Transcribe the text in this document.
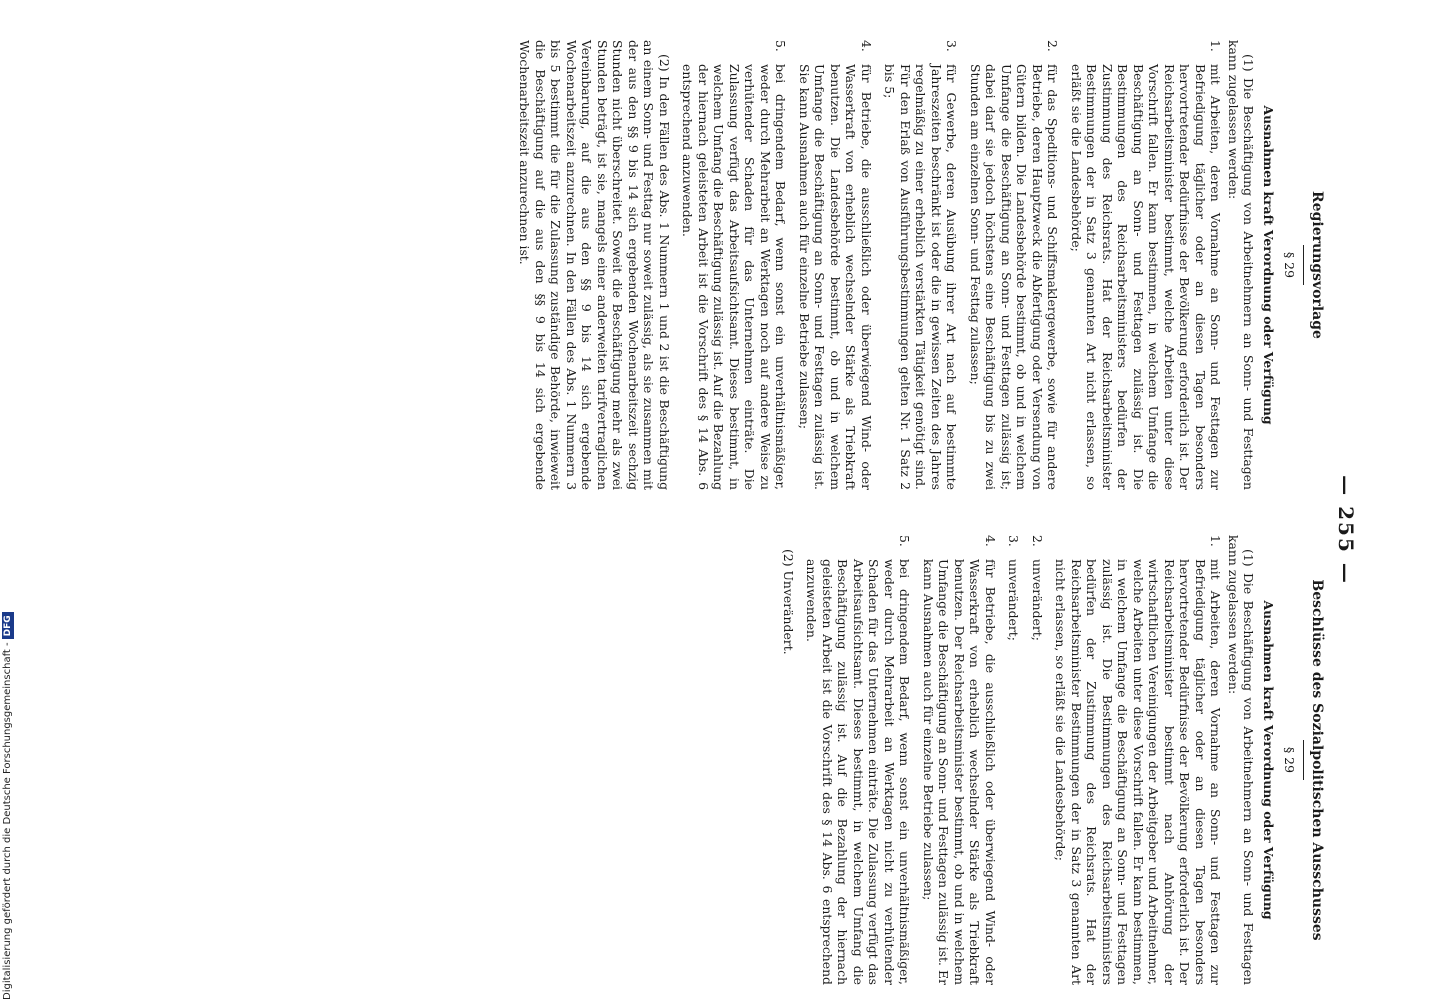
— 255 —
Regierungsvorlage
§ 29
Ausnahmen kraft Verordnung oder Verfügung

(1) Die Beschäftigung von Arbeitnehmern an Sonn- und Festtagen kann zugelassen werden:

1.
mit Arbeiten, deren Vornahme an Sonn- und Festtagen zur Befriedigung täglicher oder an diesen Tagen besonders hervortretender Bedürfnisse der Bevölkerung erforderlich ist. Der Reichsarbeitsminister bestimmt, welche Arbeiten unter diese Vorschrift fallen. Er kann bestimmen, in welchem Umfange die Beschäftigung an Sonn- und Festtagen zulässig ist. Die Bestimmungen des Reichsarbeitsministers bedürfen der Zustimmung des Reichsrats. Hat der Reichsarbeitsminister Bestimmungen der in Satz 3 genannten Art nicht erlassen, so erläßt sie die Landesbehörde;
2.
für das Speditions- und Schiffsmaklergewerbe, sowie für andere Betriebe, deren Hauptzweck die Abfertigung oder Versendung von Gütern bilden. Die Landesbehörde bestimmt, ob und in welchem Umfange die Beschäftigung an Sonn- und Festtagen zulässig ist; dabei darf sie jedoch höchstens eine Beschäftigung bis zu zwei Stunden am einzelnen Sonn- und Festtag zulassen;
3.
für Gewerbe, deren Ausübung ihrer Art nach auf bestimmte Jahreszeiten beschränkt ist oder die in gewissen Zeiten des Jahres regelmäßig zu einer erheblich verstärkten Tätigkeit genötigt sind. Für den Erlaß von Ausführungsbestimmungen gelten Nr. 1 Satz 2 bis 5;
4.
für Betriebe, die ausschließlich oder überwiegend Wind- oder Wasserkraft von erheblich wechselnder Stärke als Triebkraft benutzen. Die Landesbehörde bestimmt, ob und in welchem Umfange die Beschäftigung an Sonn- und Festtagen zulässig ist. Sie kann Ausnahmen auch für einzelne Betriebe zulassen;
5.
bei dringendem Bedarf, wenn sonst ein unverhältnismäßiger, weder durch Mehrarbeit an Werktagen noch auf andere Weise zu verhütender Schaden für das Unternehmen einträte. Die Zulassung verfügt das Arbeitsaufsichtsamt. Dieses bestimmt, in welchem Umfang die Beschäftigung zulässig ist. Auf die Bezahlung der hiernach geleisteten Arbeit ist die Vorschrift des § 14 Abs. 6 entsprechend anzuwenden.

(2) In den Fällen des Abs. 1 Nummern 1 und 2 ist die Beschäftigung an einem Sonn- und Festtag nur soweit zulässig, als sie zusammen mit der aus den §§ 9 bis 14 sich ergebenden Wochenarbeitszeit sechzig Stunden nicht überschreitet. Soweit die Beschäftigung mehr als zwei Stunden beträgt, ist sie, mangels einer anderweiten tarifvertraglichen Vereinbarung, auf die aus den §§ 9 bis 14 sich ergebende Wochenarbeitszeit anzurechnen. In den Fällen des Abs. 1 Nummern 3 bis 5 bestimmt die für die Zulassung zuständige Behörde, inwieweit die Beschäftigung auf die aus den §§ 9 bis 14 sich ergebende Wochenarbeitszeit anzurechnen ist.

Beschlüsse des Sozialpolitischen Ausschusses
§ 29
Ausnahmen kraft Verordnung oder Verfügung

(1) Die Beschäftigung von Arbeitnehmern an Sonn- und Festtagen kann zugelassen werden:

1.
mit Arbeiten, deren Vornahme an Sonn- und Festtagen zur Befriedigung täglicher oder an diesen Tagen besonders hervortretender Bedürfnisse der Bevölkerung erforderlich ist. Der Reichsarbeitsminister bestimmt nach Anhörung der wirtschaftlichen Vereinigungen der Arbeitgeber und Arbeitnehmer, welche Arbeiten unter diese Vorschrift fallen. Er kann bestimmen, in welchem Umfange die Beschäftigung an Sonn- und Festtagen zulässig ist. Die Bestimmungen des Reichsarbeitsministers bedürfen der Zustimmung des Reichsrats. Hat der Reichsarbeitsminister Bestimmungen der in Satz 3 genannten Art nicht erlassen, so erläßt sie die Landesbehörde;
2.
unverändert;
3.
unverändert;
4.
für Betriebe, die ausschließlich oder überwiegend Wind- oder Wasserkraft von erheblich wechselnder Stärke als Triebkraft benutzen. Der Reichsarbeitsminister bestimmt, ob und in welchem Umfange die Beschäftigung an Sonn- und Festtagen zulässig ist. Er kann Ausnahmen auch für einzelne Betriebe zulassen;
5.
bei dringendem Bedarf, wenn sonst ein unverhältnismäßiger, weder durch Mehrarbeit an Werktagen nicht zu verhütender Schaden für das Unternehmen einträte. Die Zulassung verfügt das Arbeitsaufsichtsamt. Dieses bestimmt, in welchem Umfang die Beschäftigung zulässig ist. Auf die Bezahlung der hiernach geleisteten Arbeit ist die Vorschrift des § 14 Abs. 6 entsprechend anzuwenden.

(2) Unverändert.

Digitalisierung gefördert durch die Deutsche Forschungsgemeinschaft -DFG
